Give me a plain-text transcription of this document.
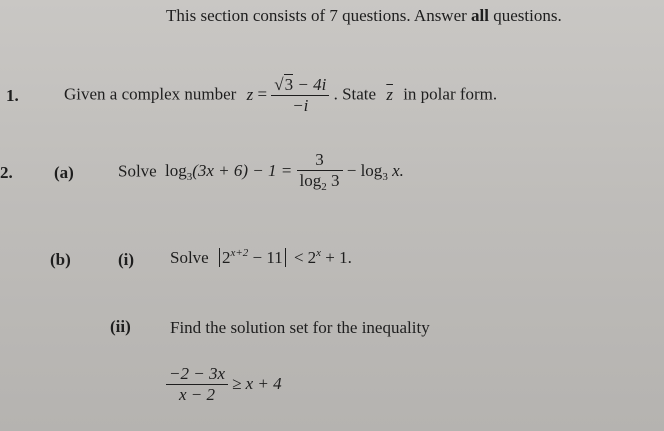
This section consists of 7 questions. Answer all questions.
1.	Given a complex number $z = \frac{√3 - 4i}{-i}$ . State $\overline{z}$ in polar form.
2. (a)	Solve $\log_3(3x + 6) - 1 = \frac{3}{\log_2 3} - \log_3 x$.
(b)	(i) Solve $2^{x+2} - 11 < 2^x + 1$.
(ii) Find the solution set for the inequality
$\frac{-2 - 3x}{x - 2} \ge x + 4$
